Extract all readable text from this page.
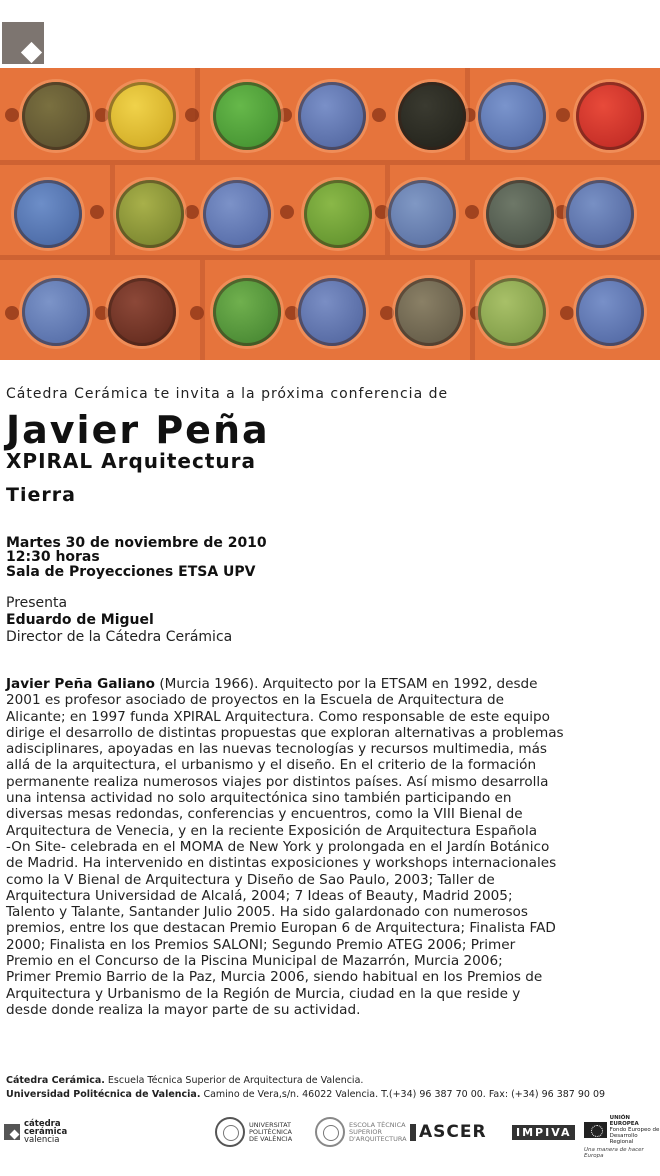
Cátedra Cerámica te invita a la próxima conferencia de
Javier Peña
XPIRAL Arquitectura
Tierra
Martes 30 de noviembre de 2010
12:30 horas
Sala de Proyecciones ETSA UPV
Presenta
Eduardo de Miguel
Director de la Cátedra Cerámica
Javier Peña Galiano (Murcia 1966). Arquitecto por la ETSAM en 1992, desde
2001 es profesor asociado de proyectos en la Escuela de Arquitectura de
Alicante; en 1997 funda XPIRAL Arquitectura. Como responsable de este equipo
dirige el desarrollo de distintas propuestas que exploran alternativas a problemas
adisciplinares, apoyadas en las nuevas tecnologías y recursos multimedia, más
allá de la arquitectura, el urbanismo y el diseño. En el criterio de la formación
permanente realiza numerosos viajes por distintos países. Así mismo desarrolla
una intensa actividad no solo arquitectónica sino también participando en
diversas mesas redondas, conferencias y encuentros, como la VIII Bienal de
Arquitectura de Venecia, y en la reciente Exposición de Arquitectura Española
-On Site- celebrada en el MOMA de New York y prolongada en el Jardín Botánico
de Madrid. Ha intervenido en distintas exposiciones y workshops internacionales
como la V Bienal de Arquitectura y Diseño de Sao Paulo, 2003; Taller de
Arquitectura Universidad de Alcalá, 2004; 7 Ideas of Beauty, Madrid 2005;
Talento y Talante, Santander Julio 2005. Ha sido galardonado con numerosos
premios, entre los que destacan Premio Europan 6 de Arquitectura; Finalista FAD
2000; Finalista en los Premios SALONI; Segundo Premio ATEG 2006; Primer
Premio en el Concurso de la Piscina Municipal de Mazarrón, Murcia 2006;
Primer Premio Barrio de la Paz, Murcia 2006, siendo habitual en los Premios de
Arquitectura y Urbanismo de la Región de Murcia, ciudad en la que reside y
desde donde realiza la mayor parte de su actividad.
Cátedra Cerámica. Escuela Técnica Superior de Arquitectura de Valencia.
Universidad Politécnica de Valencia. Camino de Vera,s/n. 46022 Valencia. T.(+34) 96 387 70 00. Fax: (+34) 96 387 90 09
cátedra
cerámica
valencia
UNIVERSITAT
POLITÈCNICA
DE VALÈNCIA
ESCOLA TÈCNICA
SUPERIOR
D'ARQUITECTURA ASCER	IMPIVA
UNIÓN EUROPEA
Fondo Europeo de
Desarrollo Regional
Una manera de hacer Europa
